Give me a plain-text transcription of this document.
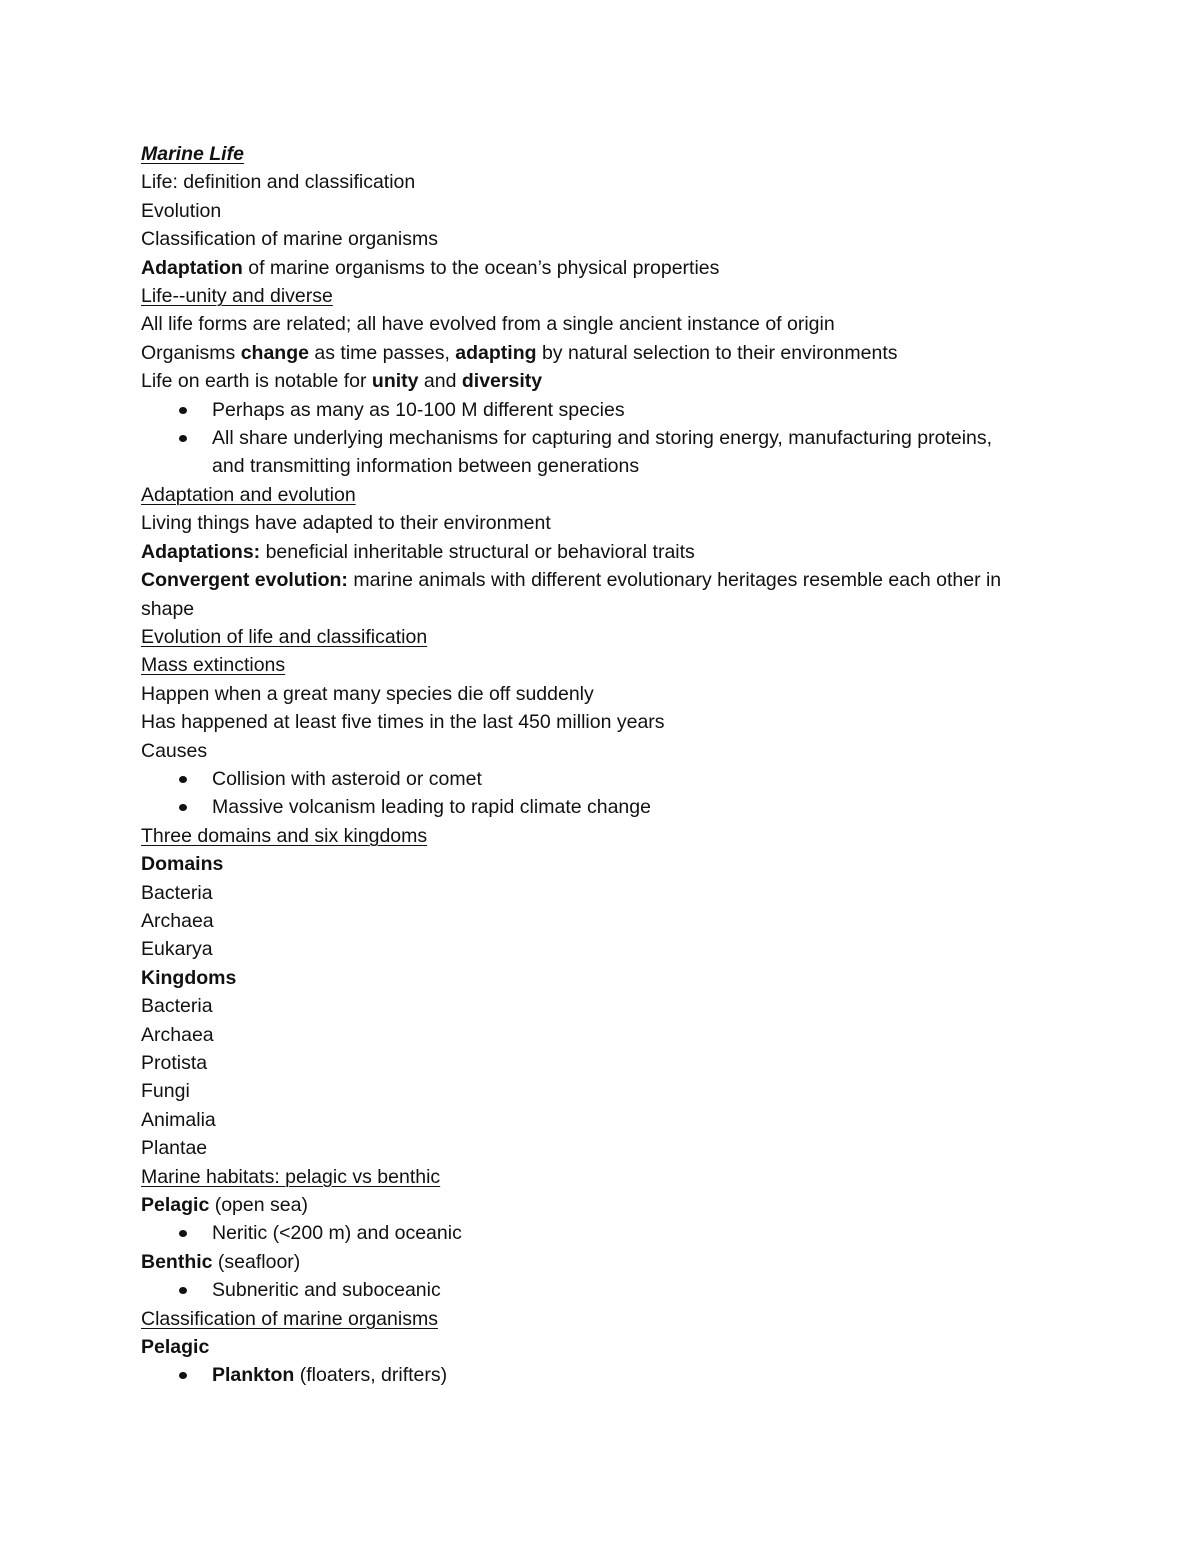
Marine Life
Life: definition and classification
Evolution
Classification of marine organisms
Adaptation of marine organisms to the ocean’s physical properties
Life--unity and diverse
All life forms are related; all have evolved from a single ancient instance of origin
Organisms change as time passes, adapting by natural selection to their environments
Life on earth is notable for unity and diversity
Perhaps as many as 10-100 M different species
All share underlying mechanisms for capturing and storing energy, manufacturing proteins, and transmitting information between generations
Adaptation and evolution
Living things have adapted to their environment
Adaptations: beneficial inheritable structural or behavioral traits
Convergent evolution: marine animals with different evolutionary heritages resemble each other in shape
Evolution of life and classification
Mass extinctions
Happen when a great many species die off suddenly
Has happened at least five times in the last 450 million years
Causes
Collision with asteroid or comet
Massive volcanism leading to rapid climate change
Three domains and six kingdoms
Domains
Bacteria
Archaea
Eukarya
Kingdoms
Bacteria
Archaea
Protista
Fungi
Animalia
Plantae
Marine habitats: pelagic vs benthic
Pelagic (open sea)
Neritic (<200 m) and oceanic
Benthic (seafloor)
Subneritic and suboceanic
Classification of marine organisms
Pelagic
Plankton (floaters, drifters)
